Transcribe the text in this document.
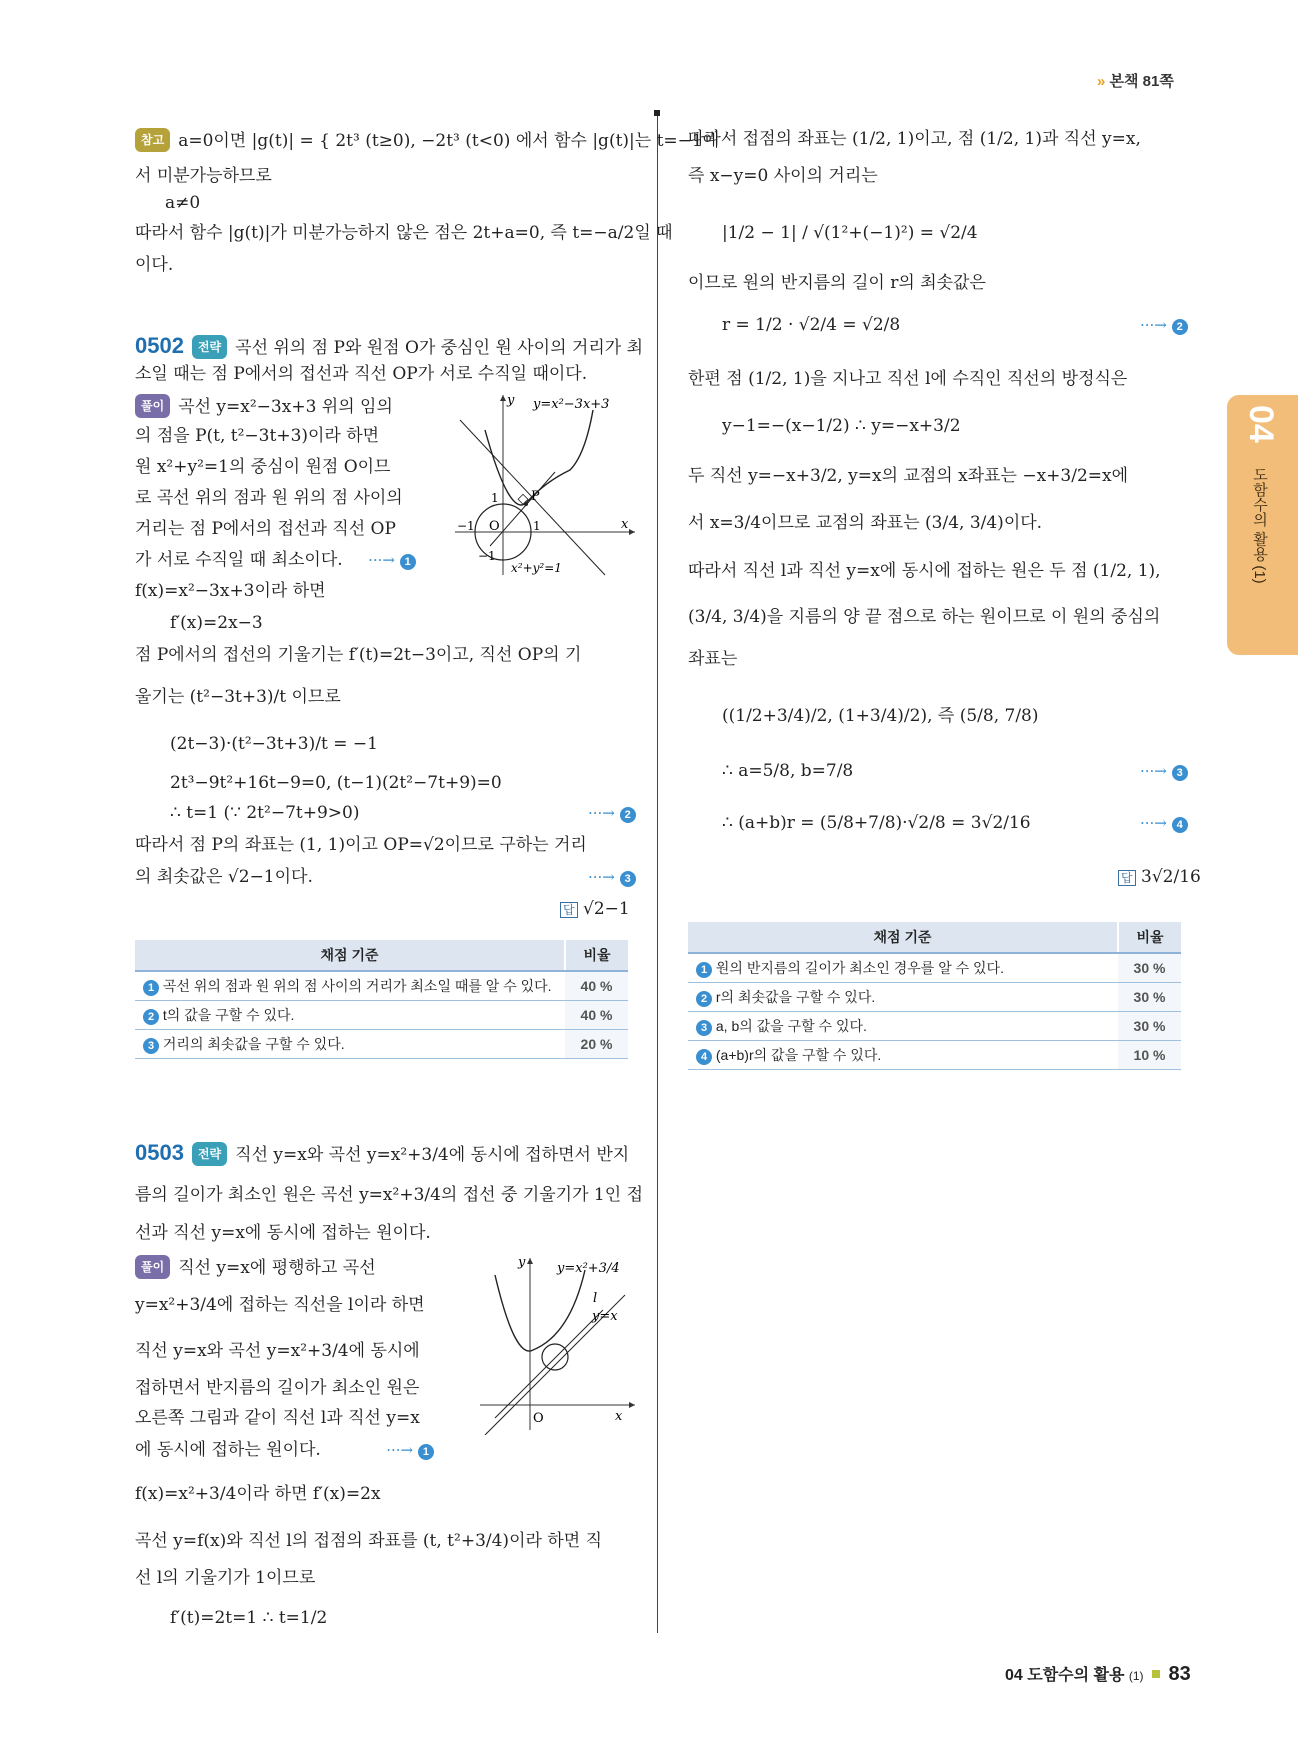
» 본책 81쪽
04
도함수의 활용 (1)
참고 a=0이면 |g(t)| = { 2t³ (t≥0), −2t³ (t<0) 에서 함수 |g(t)|는 t=−1에
서 미분가능하므로
a≠0
따라서 함수 |g(t)|가 미분가능하지 않은 점은 2t+a=0, 즉 t=−a/2일 때
이다.
0502 전략 곡선 위의 점 P와 원점 O가 중심인 원 사이의 거리가 최
소일 때는 점 P에서의 접선과 직선 OP가 서로 수직일 때이다.
풀이 곡선 y=x²−3x+3 위의 임의
의 점을 P(t, t²−3t+3)이라 하면
원 x²+y²=1의 중심이 원점 O이므
로 곡선 위의 점과 원 위의 점 사이의
거리는 점 P에서의 접선과 직선 OP
가 서로 수직일 때 최소이다. ···→ 1
y y=x²−3x+3
P
1
O
−1	1	x
−1
x²+y²=1
f(x)=x²−3x+3이라 하면
f′(x)=2x−3
점 P에서의 접선의 기울기는 f′(t)=2t−3이고, 직선 OP의 기
울기는 (t²−3t+3)/t 이므로
(2t−3)·(t²−3t+3)/t = −1
2t³−9t²+16t−9=0, (t−1)(2t²−7t+9)=0
∴ t=1 (∵ 2t²−7t+9>0)	···→ 2
따라서 점 P의 좌표는 (1, 1)이고 OP=√2이므로 구하는 거리
의 최솟값은 √2−1이다.	···→ 3
답 √2−1
채점 기준	비율
1 곡선 위의 점과 원 위의 점 사이의 거리가 최소일 때를 알 수 있다.	40 %
2 t의 값을 구할 수 있다.	40 %
3 거리의 최솟값을 구할 수 있다.	20 %
0503 전략 직선 y=x와 곡선 y=x²+3/4에 동시에 접하면서 반지
름의 길이가 최소인 원은 곡선 y=x²+3/4의 접선 중 기울기가 1인 접
선과 직선 y=x에 동시에 접하는 원이다.
풀이 직선 y=x에 평행하고 곡선
y=x²+3/4에 접하는 직선을 l이라 하면
직선 y=x와 곡선 y=x²+3/4에 동시에
접하면서 반지름의 길이가 최소인 원은
오른쪽 그림과 같이 직선 l과 직선 y=x
에 동시에 접하는 원이다.	···→ 1
y y=x²+3/4
l
y=x
O	x
f(x)=x²+3/4이라 하면 f′(x)=2x
곡선 y=f(x)와 직선 l의 접점의 좌표를 (t, t²+3/4)이라 하면 직
선 l의 기울기가 1이므로
f′(t)=2t=1 ∴ t=1/2
따라서 접점의 좌표는 (1/2, 1)이고, 점 (1/2, 1)과 직선 y=x,
즉 x−y=0 사이의 거리는
|1/2 − 1| / √(1²+(−1)²) = √2/4
이므로 원의 반지름의 길이 r의 최솟값은
r = 1/2 · √2/4 = √2/8	···→ 2
한편 점 (1/2, 1)을 지나고 직선 l에 수직인 직선의 방정식은
y−1=−(x−1/2) ∴ y=−x+3/2
두 직선 y=−x+3/2, y=x의 교점의 x좌표는 −x+3/2=x에
서 x=3/4이므로 교점의 좌표는 (3/4, 3/4)이다.
따라서 직선 l과 직선 y=x에 동시에 접하는 원은 두 점 (1/2, 1),
(3/4, 3/4)을 지름의 양 끝 점으로 하는 원이므로 이 원의 중심의
좌표는
((1/2+3/4)/2, (1+3/4)/2), 즉 (5/8, 7/8)
∴ a=5/8, b=7/8	···→ 3
∴ (a+b)r = (5/8+7/8)·√2/8 = 3√2/16	···→ 4
답 3√2/16
채점 기준	비율
1 원의 반지름의 길이가 최소인 경우를 알 수 있다.	30 %
2 r의 최솟값을 구할 수 있다.	30 %
3 a, b의 값을 구할 수 있다.	30 %
4 (a+b)r의 값을 구할 수 있다.	10 %
04 도함수의 활용 (1) 83
